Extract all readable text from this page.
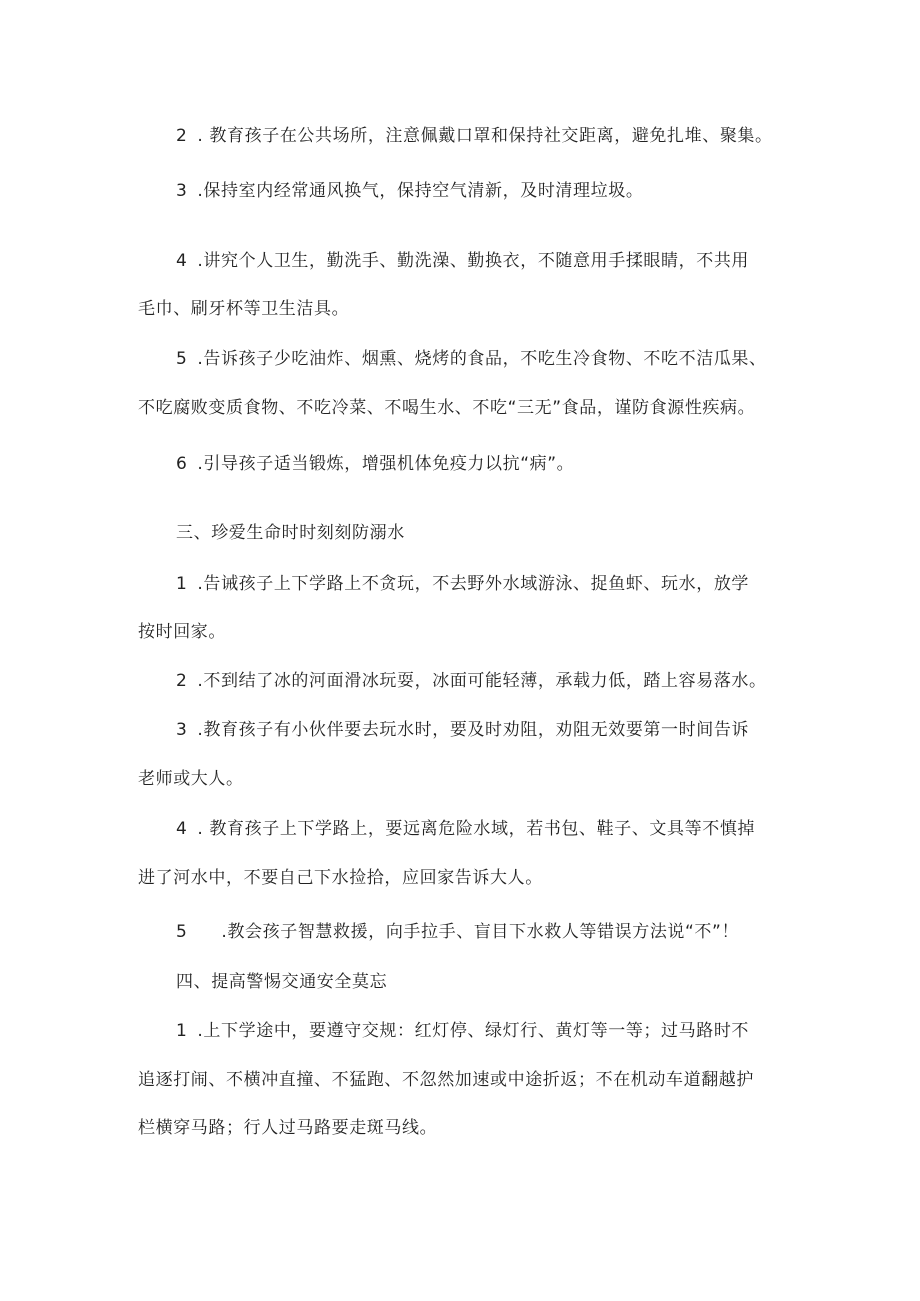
2 . 教育孩子在公共场所，注意佩戴口罩和保持社交距离，避免扎堆、聚集。
3 .保持室内经常通风换气，保持空气清新，及时清理垃圾。
4 .讲究个人卫生，勤洗手、勤洗澡、勤换衣，不随意用手揉眼睛，不共用
毛巾、刷牙杯等卫生洁具。
5 .告诉孩子少吃油炸、烟熏、烧烤的食品，不吃生冷食物、不吃不洁瓜果、
不吃腐败变质食物、不吃冷菜、不喝生水、不吃“三无”食品，谨防食源性疾病。
6 .引导孩子适当锻炼，增强机体免疫力以抗“病”。
三、珍爱生命时时刻刻防溺水
1 .告诫孩子上下学路上不贪玩，不去野外水域游泳、捉鱼虾、玩水，放学
按时回家。
2 .不到结了冰的河面滑冰玩耍，冰面可能轻薄，承载力低，踏上容易落水。
3 .教育孩子有小伙伴要去玩水时，要及时劝阻，劝阻无效要第一时间告诉
老师或大人。
4 . 教育孩子上下学路上，要远离危险水域，若书包、鞋子、文具等不慎掉
进了河水中，不要自己下水捡拾，应回家告诉大人。
5 .教会孩子智慧救援，向手拉手、盲目下水救人等错误方法说“不”！
四、提高警惕交通安全莫忘
1 .上下学途中，要遵守交规：红灯停、绿灯行、黄灯等一等；过马路时不
追逐打闹、不横冲直撞、不猛跑、不忽然加速或中途折返；不在机动车道翻越护
栏横穿马路；行人过马路要走斑马线。
